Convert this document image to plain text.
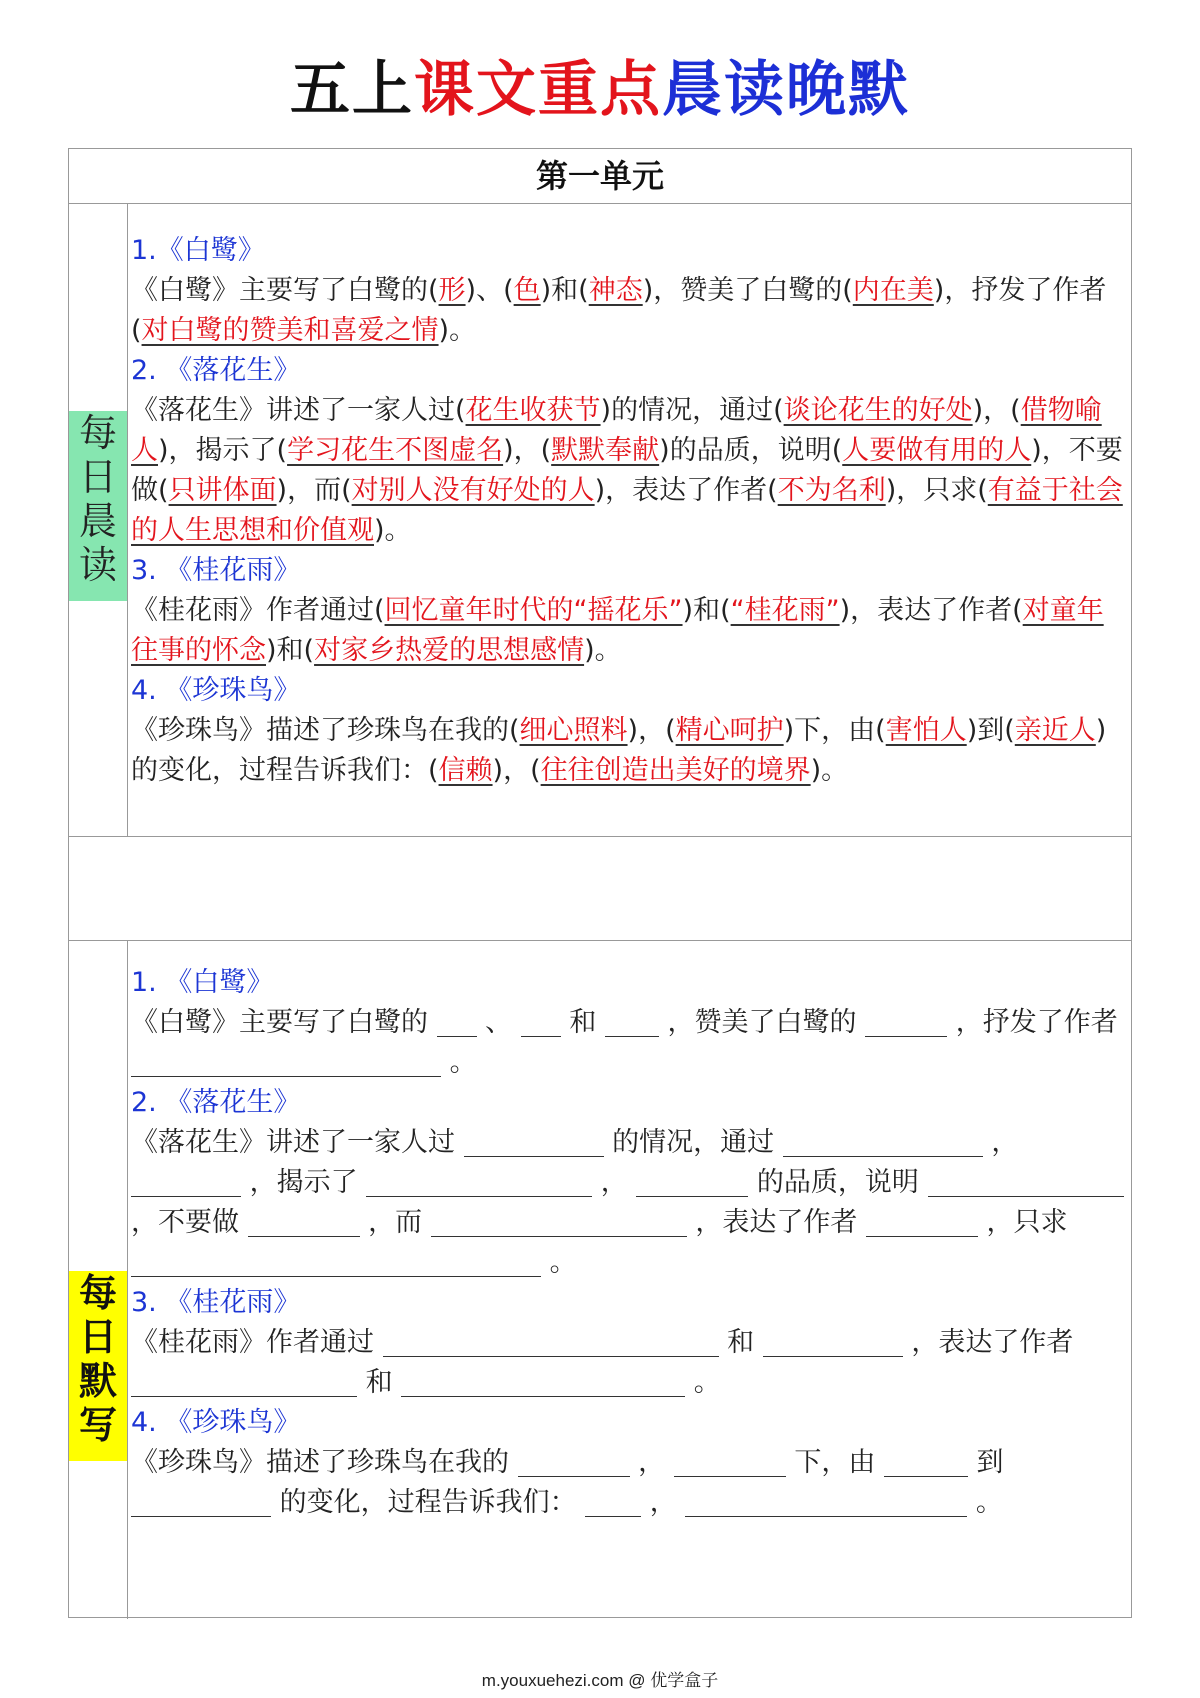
五上课文重点晨读晚默
第一单元
每
日
晨
读
1.《白鹭》
《白鹭》主要写了白鹭的(形)、(色)和(神态)，赞美了白鹭的(内在美)，抒发了作者(对白鹭的赞美和喜爱之情)。
2. 《落花生》
《落花生》讲述了一家人过(花生收获节)的情况，通过(谈论花生的好处)，(借物喻人)，揭示了(学习花生不图虚名)，(默默奉献)的品质，说明(人要做有用的人)，不要做(只讲体面)，而(对别人没有好处的人)，表达了作者(不为名利)，只求(有益于社会的人生思想和价值观)。
3. 《桂花雨》
《桂花雨》作者通过(回忆童年时代的“摇花乐”)和(“桂花雨”)，表达了作者(对童年往事的怀念)和(对家乡热爱的思想感情)。
4. 《珍珠鸟》
《珍珠鸟》描述了珍珠鸟在我的(细心照料)，(精心呵护)下，由(害怕人)到(亲近人)的变化，过程告诉我们：(信赖)，(往往创造出美好的境界)。
每
日
默
写
1. 《白鹭》
《白鹭》主要写了白鹭的  、  和  ，赞美了白鹭的	，抒发了作者  。
2. 《落花生》
《落花生》讲述了一家人过	的情况，通过	， ，揭示了	，	的品质，说明  ，不要做	，而	，表达了作者	，只求  。
3. 《桂花雨》
《桂花雨》作者通过	和	，表达了作者  和	。
4. 《珍珠鸟》
《珍珠鸟》描述了珍珠鸟在我的	，	下，由	到  的变化，过程告诉我们：  ，	。
m.youxuehezi.com @ 优学盒子
